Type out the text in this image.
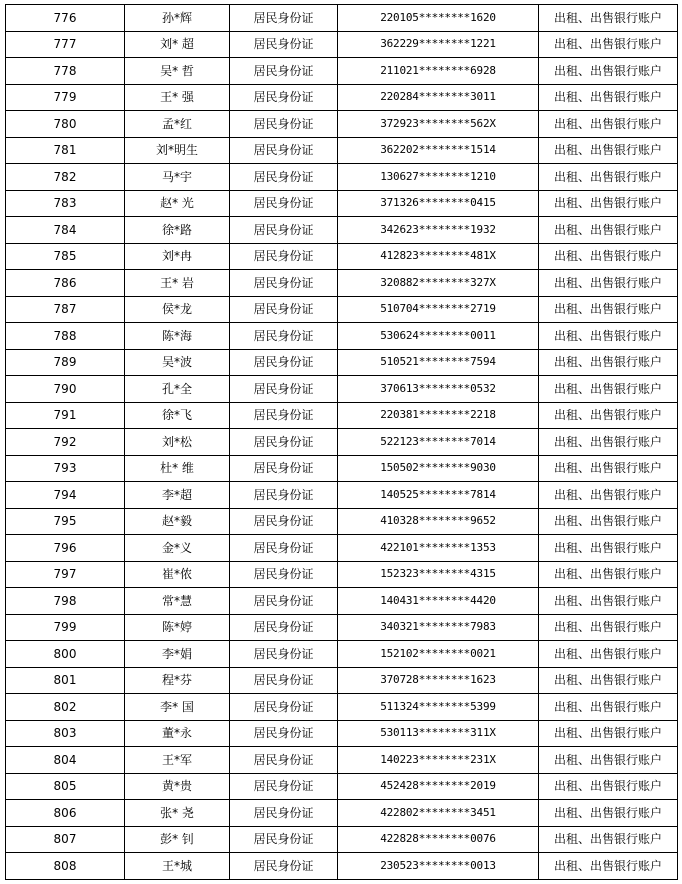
776	孙*辉	居民身份证	220105********1620	出租、出售银行账户
777	刘* 超	居民身份证	362229********1221	出租、出售银行账户
778	吴* 哲	居民身份证	211021********6928	出租、出售银行账户
779	王* 强	居民身份证	220284********3011	出租、出售银行账户
780	孟*红	居民身份证	372923********562X	出租、出售银行账户
781	刘*明生	居民身份证	362202********1514	出租、出售银行账户
782	马*宇	居民身份证	130627********1210	出租、出售银行账户
783	赵* 光	居民身份证	371326********0415	出租、出售银行账户
784	徐*路	居民身份证	342623********1932	出租、出售银行账户
785	刘*冉	居民身份证	412823********481X	出租、出售银行账户
786	王* 岩	居民身份证	320882********327X	出租、出售银行账户
787	侯*龙	居民身份证	510704********2719	出租、出售银行账户
788	陈*海	居民身份证	530624********0011	出租、出售银行账户
789	吴*波	居民身份证	510521********7594	出租、出售银行账户
790	孔*全	居民身份证	370613********0532	出租、出售银行账户
791	徐*飞	居民身份证	220381********2218	出租、出售银行账户
792	刘*松	居民身份证	522123********7014	出租、出售银行账户
793	杜* 维	居民身份证	150502********9030	出租、出售银行账户
794	李*超	居民身份证	140525********7814	出租、出售银行账户
795	赵*毅	居民身份证	410328********9652	出租、出售银行账户
796	金*义	居民身份证	422101********1353	出租、出售银行账户
797	崔*侬	居民身份证	152323********4315	出租、出售银行账户
798	常*慧	居民身份证	140431********4420	出租、出售银行账户
799	陈*婷	居民身份证	340321********7983	出租、出售银行账户
800	李*娟	居民身份证	152102********0021	出租、出售银行账户
801	程*芬	居民身份证	370728********1623	出租、出售银行账户
802	李* 国	居民身份证	511324********5399	出租、出售银行账户
803	董*永	居民身份证	530113********311X	出租、出售银行账户
804	王*军	居民身份证	140223********231X	出租、出售银行账户
805	黄*贵	居民身份证	452428********2019	出租、出售银行账户
806	张* 尧	居民身份证	422802********3451	出租、出售银行账户
807	彭* 钊	居民身份证	422828********0076	出租、出售银行账户
808	王*城	居民身份证	230523********0013	出租、出售银行账户
